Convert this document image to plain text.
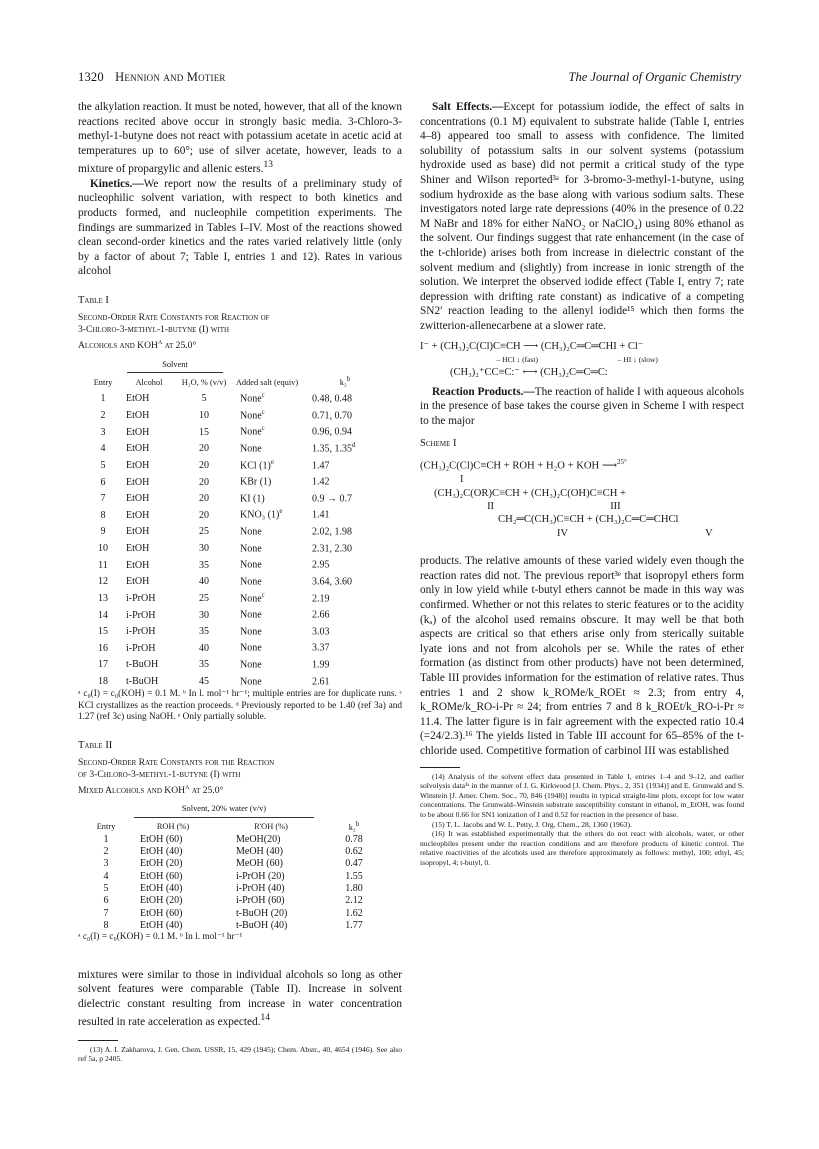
1320 Hennion and Motier	The Journal of Organic Chemistry

the alkylation reaction. It must be noted, however, that all of the known reactions recited above occur in strongly basic media. 3-Chloro-3-methyl-1-butyne does not react with potassium acetate in acetic acid at temperatures up to 60°; use of silver acetate, however, leads to a mixture of propargylic and allenic esters.$^{13}$

Kinetics.—We report now the results of a preliminary study of nucleophilic solvent variation, with respect to both kinetics and products formed, and nucleophile competition experiments. The findings are summarized in Tables I–IV. Most of the reactions showed clean second-order kinetics and the rates varied relatively little (only by a factor of about 7; Table I, entries 1 and 12). Rates in various alcohol

Table I

Second-Order Rate Constants for Reaction of
3-Chloro-3-methyl-1-butyne (I) with
Alcohols and KOH$^a$ at 25.0°

	Solvent			
Entry	Alcohol	H₂O, % (v/v)	Added salt (equiv)	k₂$^b$
1	EtOH	5	None$^c$	0.48, 0.48
2	EtOH	10	None$^c$	0.71, 0.70
3	EtOH	15	None$^c$	0.96, 0.94
4	EtOH	20	None	1.35, 1.35$^d$
5	EtOH	20	KCl $(1)^e$	1.47
6	EtOH	20	KBr (1)	1.42
7	EtOH	20	KI (1)	0.9 → 0.7
8	EtOH	20	KNO₃ $(1)^e$	1.41
9	EtOH	25	None	2.02, 1.98
10	EtOH	30	None	2.31, 2.30
11	EtOH	35	None	2.95
12	EtOH	40	None	3.64, 3.60
13	i-PrOH	25	None$^c$	2.19
14	i-PrOH	30	None	2.66
15	i-PrOH	35	None	3.03
16	i-PrOH	40	None	3.37
17	t-BuOH	35	None	1.99
18	t-BuOH	45	None	2.61

ᵃ c₀(I) = c₀(KOH) = 0.1 M. ᵇ In l. mol⁻¹ hr⁻¹; multiple entries are for duplicate runs. ᶜ KCl crystallizes as the reaction proceeds. ᵈ Previously reported to be 1.40 (ref 3a) and 1.27 (ref 3c) using NaOH. ᵉ Only partially soluble.

Table II

Second-Order Rate Constants for the Reaction
of 3-Chloro-3-methyl-1-butyne (I) with
Mixed Alcohols and KOH$^a$ at 25.0°

	Solvent, 20% water (v/v)		
Entry	ROH (%)	R'OH (%)	k₂$^b$
1	EtOH (60)	MeOH(20)	0.78
2	EtOH (40)	MeOH (40)	0.62
3	EtOH (20)	MeOH (60)	0.47
4	EtOH (60)	i-PrOH (20)	1.55
5	EtOH (40)	i-PrOH (40)	1.80
6	EtOH (20)	i-PrOH (60)	2.12
7	EtOH (60)	t-BuOH (20)	1.62
8	EtOH (40)	t-BuOH (40)	1.77

ᵃ c₀(I) = c₀(KOH) = 0.1 M. ᵇ In l. mol⁻¹ hr⁻¹

mixtures were similar to those in individual alcohols so long as other solvent features were comparable (Table II). Increase in solvent dielectric constant resulting from increase in water concentration resulted in rate acceleration as expected.$^{14}$

(13) A. I. Zakharova, J. Gen. Chem. USSR, 15, 429 (1945); Chem. Abstr., 40, 4654 (1946). See also ref 5a, p 2405.

Salt Effects.—Except for potassium iodide, the effect of salts in concentrations (0.1 M) equivalent to substrate halide (Table I, entries 4–8) appeared too small to assess with confidence. The limited solubility of potassium salts in our solvent systems (potassium hydroxide used as base) did not permit a critical study of the type Shiner and Wilson reported³ᵃ for 3-bromo-3-methyl-1-butyne, using sodium hydroxide as the base along with various sodium salts. These investigators noted large rate depressions (40% in the presence of 0.22 M NaBr and 18% for either NaNO₂ or NaClO₄) using 80% ethanol as the solvent. Our findings suggest that rate enhancement (in the case of the t-chloride) arises both from increase in dielectric constant of the solvent medium and (slightly) from increase in ionic strength of the solution. We interpret the observed iodide effect (Table I, entry 7; rate depression with drifting rate constant) as indicative of a competing SN2′ reaction leading to the allenyl iodide¹⁵ which then forms the zwitterion-allenecarbene at a slower rate.

I⁻ + (CH₃)₂C(Cl)C≡CH ⟶ (CH₃)₂C═C═CHI + Cl⁻
– HCl ↓ (fast)	– HI ↓ (slow)
(CH₃)₂⁺CC≡C:⁻ ⟷ (CH₃)₂C═C═C:

Reaction Products.—The reaction of halide I with aqueous alcohols in the presence of base takes the course given in Scheme I with respect to the major

Scheme I

(CH₃)₂C(Cl)C≡CH + ROH + H₂O + KOH ⟶$^{25^\circ}$
I
(CH₃)₂C(OR)C≡CH + (CH₃)₂C(OH)C≡CH +
II	III
CH₂═C(CH₃)C≡CH + (CH₃)₂C═C═CHCl
IV	V

products. The relative amounts of these varied widely even though the reaction rates did not. The previous report³ᵉ that isopropyl ethers form only in low yield while t-butyl ethers cannot be made in this way was confirmed. Whether or not this relates to steric features or to the acidity (kₐ) of the alcohol used remains obscure. It may well be that both aspects are critical so that ethers arise only from sterically suitable lyate ions and not from alcohols per se. While the rates of ether formation (as distinct from other products) have not been determined, Table III provides information for the estimation of relative rates. Thus entries 1 and 2 show k_ROMe/k_ROEt ≈ 2.3; from entry 4, k_ROMe/k_RO-i-Pr ≈ 24; from entries 7 and 8 k_ROEt/k_RO-i-Pr ≈ 11.4. The latter figure is in fair agreement with the expected ratio 10.4 (=24/2.3).¹⁶ The yields listed in Table III account for 65–85% of the t-chloride used. Competitive formation of carbinol III was established

(14) Analysis of the solvent effect data presented in Table I, entries 1–4 and 9–12, and earlier solvolysis data³ᵃ in the manner of J. G. Kirkwood [J. Chem. Phys., 2, 351 (1934)] and E. Grunwald and S. Winstein [J. Amer. Chem. Soc., 70, 846 (1948)] results in typical straight-line plots, except for low water concentrations. The Grunwald–Winstein substrate susceptibility constant in ethanol, m_EtOH, was found to be about 0.66 for SN1 ionization of I and 0.52 for reaction in the presence of base.

(15) T. L. Jacobs and W. L. Petty, J. Org. Chem., 28, 1360 (1963).

(16) It was established experimentally that the ethers do not react with alcohols, water, or other nucleophiles present under the reaction conditions and are therefore products of kinetic control. The relative reactivities of the alcohols used are therefore approximately as follows: methyl, 100; ethyl, 45; isopropyl, 4; t-butyl, 0.
